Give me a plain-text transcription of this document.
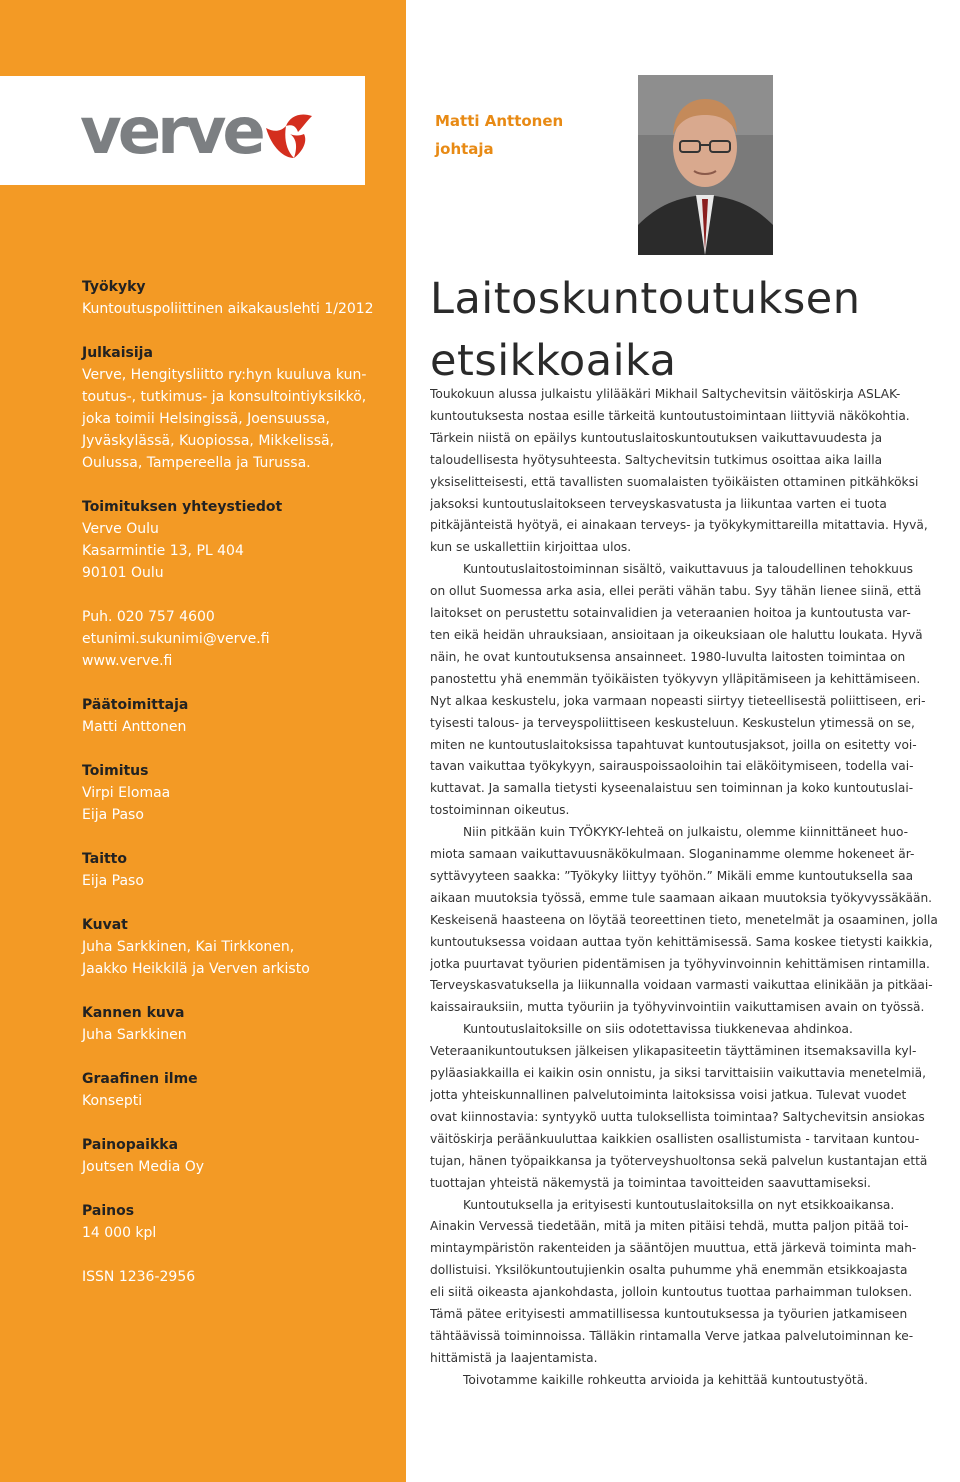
verve
Työkyky
Kuntoutuspoliittinen aikakauslehti 1/2012
Julkaisija
Verve, Hengitysliitto ry:hyn kuuluva kun-
toutus-, tutkimus- ja konsultointiyksikkö,
joka toimii Helsingissä, Joensuussa,
Jyväskylässä, Kuopiossa, Mikkelissä,
Oulussa, Tampereella ja Turussa.
Toimituksen yhteystiedot
Verve Oulu
Kasarmintie 13, PL 404
90101 Oulu
Puh. 020 757 4600
etunimi.sukunimi@verve.fi
www.verve.fi
Päätoimittaja
Matti Anttonen
Toimitus
Virpi Elomaa
Eija Paso
Taitto
Eija Paso
Kuvat
Juha Sarkkinen, Kai Tirkkonen,
Jaakko Heikkilä ja Verven arkisto
Kannen kuva
Juha Sarkkinen
Graafinen ilme
Konsepti
Painopaikka
Joutsen Media Oy
Painos
14 000 kpl
ISSN 1236-2956
Matti Anttonen
johtaja
Laitoskuntoutuksen
etsikkoaika
Toukokuun alussa julkaistu ylilääkäri Mikhail Saltychevitsin väitöskirja ASLAK-
kuntoutuksesta nostaa esille tärkeitä kuntoutustoimintaan liittyviä näkökohtia.
Tärkein niistä on epäilys kuntoutuslaitoskuntoutuksen vaikuttavuudesta ja
taloudellisesta hyötysuhteesta. Saltychevitsin tutkimus osoittaa aika lailla
yksiselitteisesti, että tavallisten suomalaisten työikäisten ottaminen pitkähköksi
jaksoksi kuntoutuslaitokseen terveyskasvatusta ja liikuntaa varten ei tuota
pitkäjänteistä hyötyä, ei ainakaan terveys- ja työkykymittareilla mitattavia. Hyvä,
kun se uskallettiin kirjoittaa ulos.
Kuntoutuslaitostoiminnan sisältö, vaikuttavuus ja taloudellinen tehokkuus
on ollut Suomessa arka asia, ellei peräti vähän tabu. Syy tähän lienee siinä, että
laitokset on perustettu sotainvalidien ja veteraanien hoitoa ja kuntoutusta var-
ten eikä heidän uhrauksiaan, ansioitaan ja oikeuksiaan ole haluttu loukata. Hyvä
näin, he ovat kuntoutuksensa ansainneet. 1980-luvulta laitosten toimintaa on
panostettu yhä enemmän työikäisten työkyvyn ylläpitämiseen ja kehittämiseen.
Nyt alkaa keskustelu, joka varmaan nopeasti siirtyy tieteellisestä poliittiseen, eri-
tyisesti talous- ja terveyspoliittiseen keskusteluun. Keskustelun ytimessä on se,
miten ne kuntoutuslaitoksissa tapahtuvat kuntoutusjaksot, joilla on esitetty voi-
tavan vaikuttaa työkykyyn, sairauspoissaoloihin tai eläköitymiseen, todella vai-
kuttavat. Ja samalla tietysti kyseenalaistuu sen toiminnan ja koko kuntoutuslai-
tostoiminnan oikeutus.
Niin pitkään kuin TYÖKYKY-lehteä on julkaistu, olemme kiinnittäneet huo-
miota samaan vaikuttavuusnäkökulmaan. Sloganinamme olemme hokeneet är-
syttävyyteen saakka: ”Työkyky liittyy työhön.” Mikäli emme kuntoutuksella saa
aikaan muutoksia työssä, emme tule saamaan aikaan muutoksia työkyvyssäkään.
Keskeisenä haasteena on löytää teoreettinen tieto, menetelmät ja osaaminen, jolla
kuntoutuksessa voidaan auttaa työn kehittämisessä. Sama koskee tietysti kaikkia,
jotka puurtavat työurien pidentämisen ja työhyvinvoinnin kehittämisen rintamilla.
Terveyskasvatuksella ja liikunnalla voidaan varmasti vaikuttaa elinikään ja pitkäai-
kaissairauksiin, mutta työuriin ja työhyvinvointiin vaikuttamisen avain on työssä.
Kuntoutuslaitoksille on siis odotettavissa tiukkenevaa ahdinkoa.
Veteraanikuntoutuksen jälkeisen ylikapasiteetin täyttäminen itsemaksavilla kyl-
pyläasiakkailla ei kaikin osin onnistu, ja siksi tarvittaisiin vaikuttavia menetelmiä,
jotta yhteiskunnallinen palvelutoiminta laitoksissa voisi jatkua. Tulevat vuodet
ovat kiinnostavia: syntyykö uutta tuloksellista toimintaa? Saltychevitsin ansiokas
väitöskirja peräänkuuluttaa kaikkien osallisten osallistumista - tarvitaan kuntou-
tujan, hänen työpaikkansa ja työterveyshuoltonsa sekä palvelun kustantajan että
tuottajan yhteistä näkemystä ja toimintaa tavoitteiden saavuttamiseksi.
Kuntoutuksella ja erityisesti kuntoutuslaitoksilla on nyt etsikkoaikansa.
Ainakin Vervessä tiedetään, mitä ja miten pitäisi tehdä, mutta paljon pitää toi-
mintaympäristön rakenteiden ja sääntöjen muuttua, että järkevä toiminta mah-
dollistuisi. Yksilökuntoutujienkin osalta puhumme yhä enemmän etsikkoajasta
eli siitä oikeasta ajankohdasta, jolloin kuntoutus tuottaa parhaimman tuloksen.
Tämä pätee erityisesti ammatillisessa kuntoutuksessa ja työurien jatkamiseen
tähtäävissä toiminnoissa. Tälläkin rintamalla Verve jatkaa palvelutoiminnan ke-
hittämistä ja laajentamista.
Toivotamme kaikille rohkeutta arvioida ja kehittää kuntoutustyötä.
